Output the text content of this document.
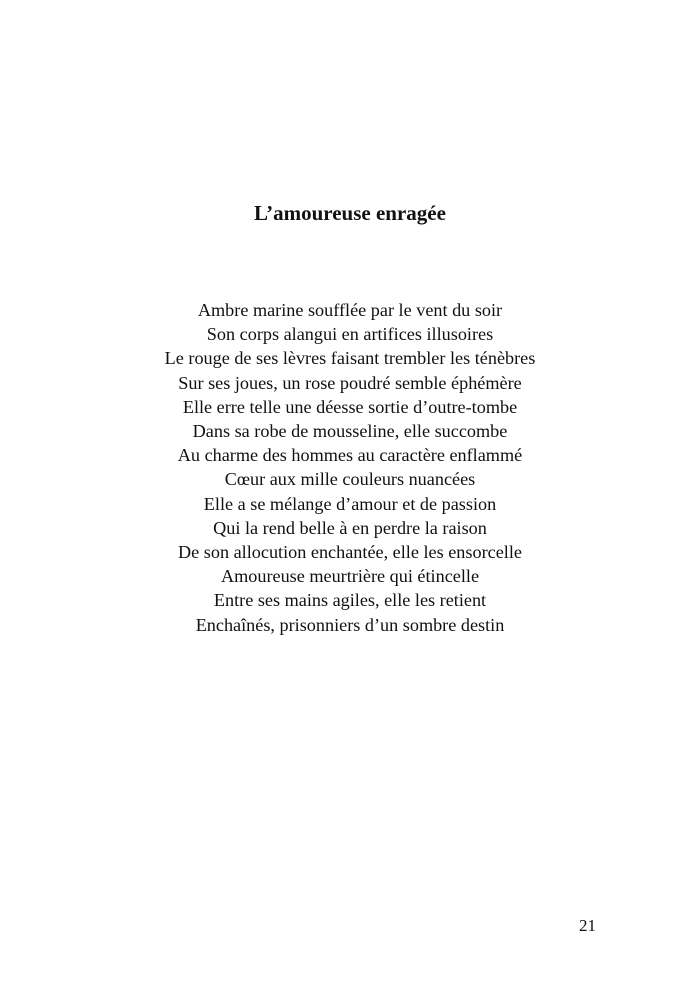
L’amoureuse enragée
Ambre marine soufflée par le vent du soir
Son corps alangui en artifices illusoires
Le rouge de ses lèvres faisant trembler les ténèbres
Sur ses joues, un rose poudré semble éphémère
Elle erre telle une déesse sortie d’outre-tombe
Dans sa robe de mousseline, elle succombe
Au charme des hommes au caractère enflammé
Cœur aux mille couleurs nuancées
Elle a se mélange d’amour et de passion
Qui la rend belle à en perdre la raison
De son allocution enchantée, elle les ensorcelle
Amoureuse meurtrière qui étincelle
Entre ses mains agiles, elle les retient
Enchaînés, prisonniers d’un sombre destin
21
